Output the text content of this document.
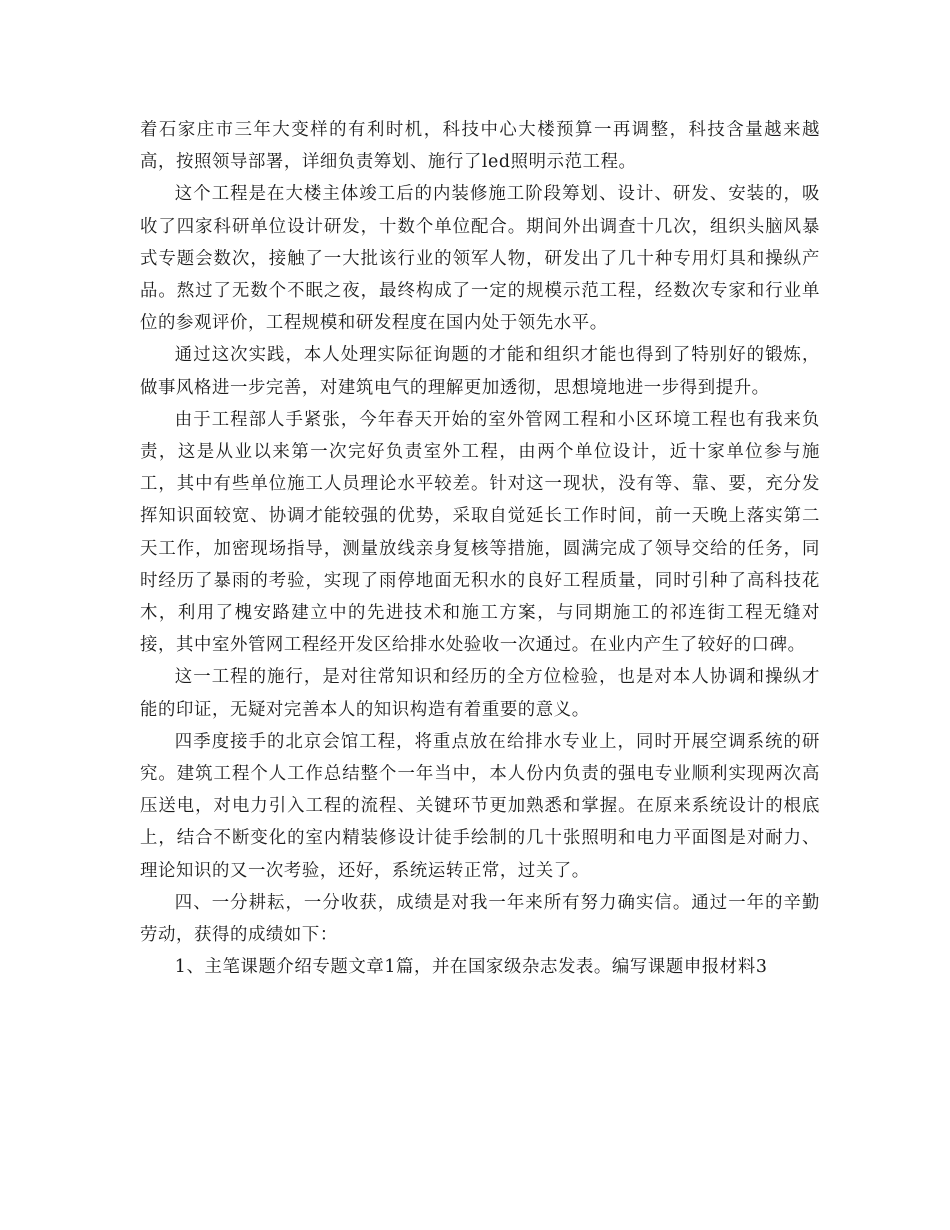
着石家庄市三年大变样的有利时机，科技中心大楼预算一再调整，科技含量越来越高，按照领导部署，详细负责筹划、施行了led照明示范工程。

这个工程是在大楼主体竣工后的内装修施工阶段筹划、设计、研发、安装的，吸收了四家科研单位设计研发，十数个单位配合。期间外出调查十几次，组织头脑风暴式专题会数次，接触了一大批该行业的领军人物，研发出了几十种专用灯具和操纵产品。熬过了无数个不眠之夜，最终构成了一定的规模示范工程，经数次专家和行业单位的参观评价，工程规模和研发程度在国内处于领先水平。

通过这次实践，本人处理实际征询题的才能和组织才能也得到了特别好的锻炼，做事风格进一步完善，对建筑电气的理解更加透彻，思想境地进一步得到提升。

由于工程部人手紧张，今年春天开始的室外管网工程和小区环境工程也有我来负责，这是从业以来第一次完好负责室外工程，由两个单位设计，近十家单位参与施工，其中有些单位施工人员理论水平较差。针对这一现状，没有等、靠、要，充分发挥知识面较宽、协调才能较强的优势，采取自觉延长工作时间，前一天晚上落实第二天工作，加密现场指导，测量放线亲身复核等措施，圆满完成了领导交给的任务，同时经历了暴雨的考验，实现了雨停地面无积水的良好工程质量，同时引种了高科技花木，利用了槐安路建立中的先进技术和施工方案，与同期施工的祁连街工程无缝对接，其中室外管网工程经开发区给排水处验收一次通过。在业内产生了较好的口碑。

这一工程的施行，是对往常知识和经历的全方位检验，也是对本人协调和操纵才能的印证，无疑对完善本人的知识构造有着重要的意义。

四季度接手的北京会馆工程，将重点放在给排水专业上，同时开展空调系统的研究。建筑工程个人工作总结整个一年当中，本人份内负责的强电专业顺利实现两次高压送电，对电力引入工程的流程、关键环节更加熟悉和掌握。在原来系统设计的根底上，结合不断变化的室内精装修设计徒手绘制的几十张照明和电力平面图是对耐力、理论知识的又一次考验，还好，系统运转正常，过关了。

四、一分耕耘，一分收获，成绩是对我一年来所有努力确实信。通过一年的辛勤劳动，获得的成绩如下：

1、主笔课题介绍专题文章1篇，并在国家级杂志发表。编写课题申报材料3
